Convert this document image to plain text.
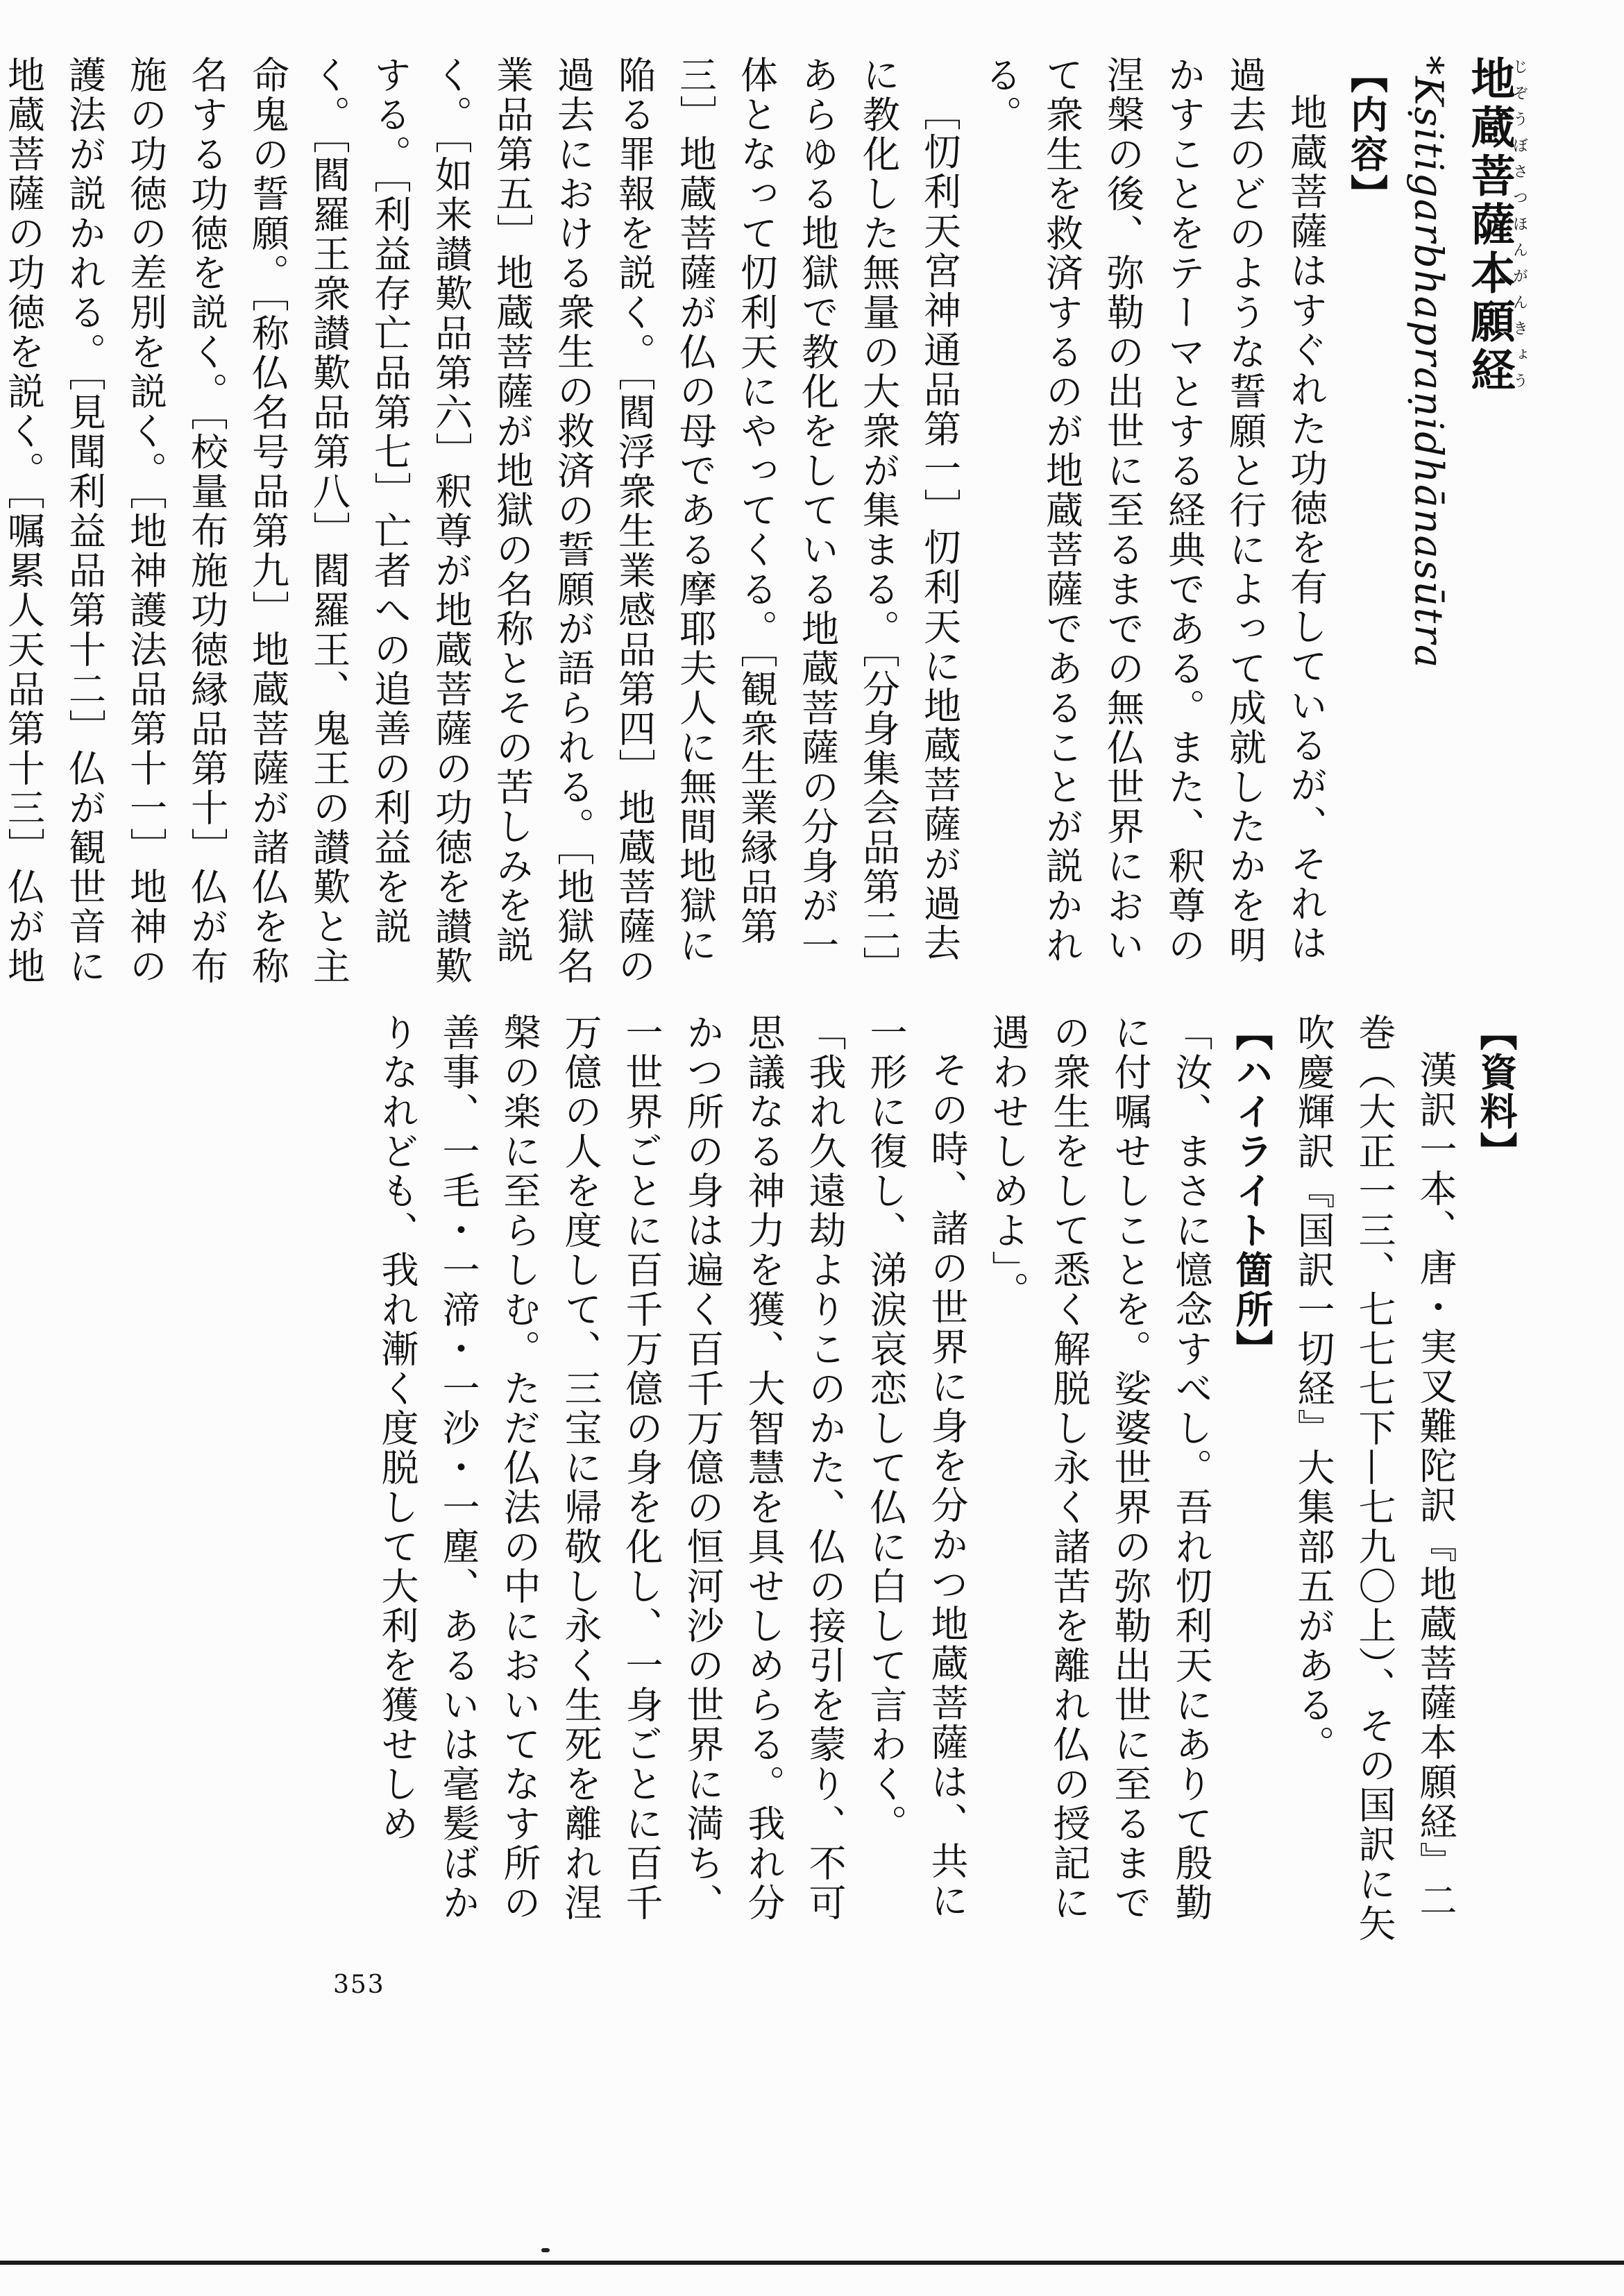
地蔵菩薩本願経じぞうぼさつほんがんきょう *Kṣitigarbhapraṇidhānasūtra

【内容】

地蔵菩薩はすぐれた功徳を有しているが、それは過去のどのような誓願と行によって成就したかを明かすことをテーマとする経典である。また、釈尊の涅槃の後、弥勒の出世に至るまでの無仏世界において衆生を救済するのが地蔵菩薩であることが説かれる。

［忉利天宮神通品第一］忉利天に地蔵菩薩が過去に教化した無量の大衆が集まる。［分身集会品第二］あらゆる地獄で教化をしている地蔵菩薩の分身が一体となって忉利天にやってくる。［観衆生業縁品第三］地蔵菩薩が仏の母である摩耶夫人に無間地獄に陥る罪報を説く。［閻浮衆生業感品第四］地蔵菩薩の過去における衆生の救済の誓願が語られる。［地獄名業品第五］地蔵菩薩が地獄の名称とその苦しみを説く。［如来讃歎品第六］釈尊が地蔵菩薩の功徳を讃歎する。［利益存亡品第七］亡者への追善の利益を説く。［閻羅王衆讃歎品第八］閻羅王、鬼王の讃歎と主命鬼の誓願。［称仏名号品第九］地蔵菩薩が諸仏を称名する功徳を説く。［校量布施功徳縁品第十］仏が布施の功徳の差別を説く。［地神護法品第十一］地神の護法が説かれる。［見聞利益品第十二］仏が観世音に地蔵菩薩の功徳を説く。［嘱累人天品第十三］仏が地

【資料】

漢訳一本、唐・実叉難陀訳『地蔵菩薩本願経』二巻（大正一三、七七七下—七九〇上）、その国訳に矢吹慶輝訳『国訳一切経』大集部五がある。

【ハイライト箇所】

「汝、まさに憶念すべし。吾れ忉利天にありて殷勤に付嘱せしことを。娑婆世界の弥勒出世に至るまでの衆生をして悉く解脱し永く諸苦を離れ仏の授記に遇わせしめよ」。

その時、諸の世界に身を分かつ地蔵菩薩は、共に一形に復し、涕涙哀恋して仏に白して言わく。

「我れ久遠劫よりこのかた、仏の接引を蒙り、不可思議なる神力を獲、大智慧を具せしめらる。我れ分かつ所の身は遍く百千万億の恒河沙の世界に満ち、一世界ごとに百千万億の身を化し、一身ごとに百千万億の人を度して、三宝に帰敬し永く生死を離れ涅槃の楽に至らしむ。ただ仏法の中においてなす所の善事、一毛・一渧・一沙・一塵、あるいは毫髪ばかりなれども、我れ漸く度脱して大利を獲せしめ

353
